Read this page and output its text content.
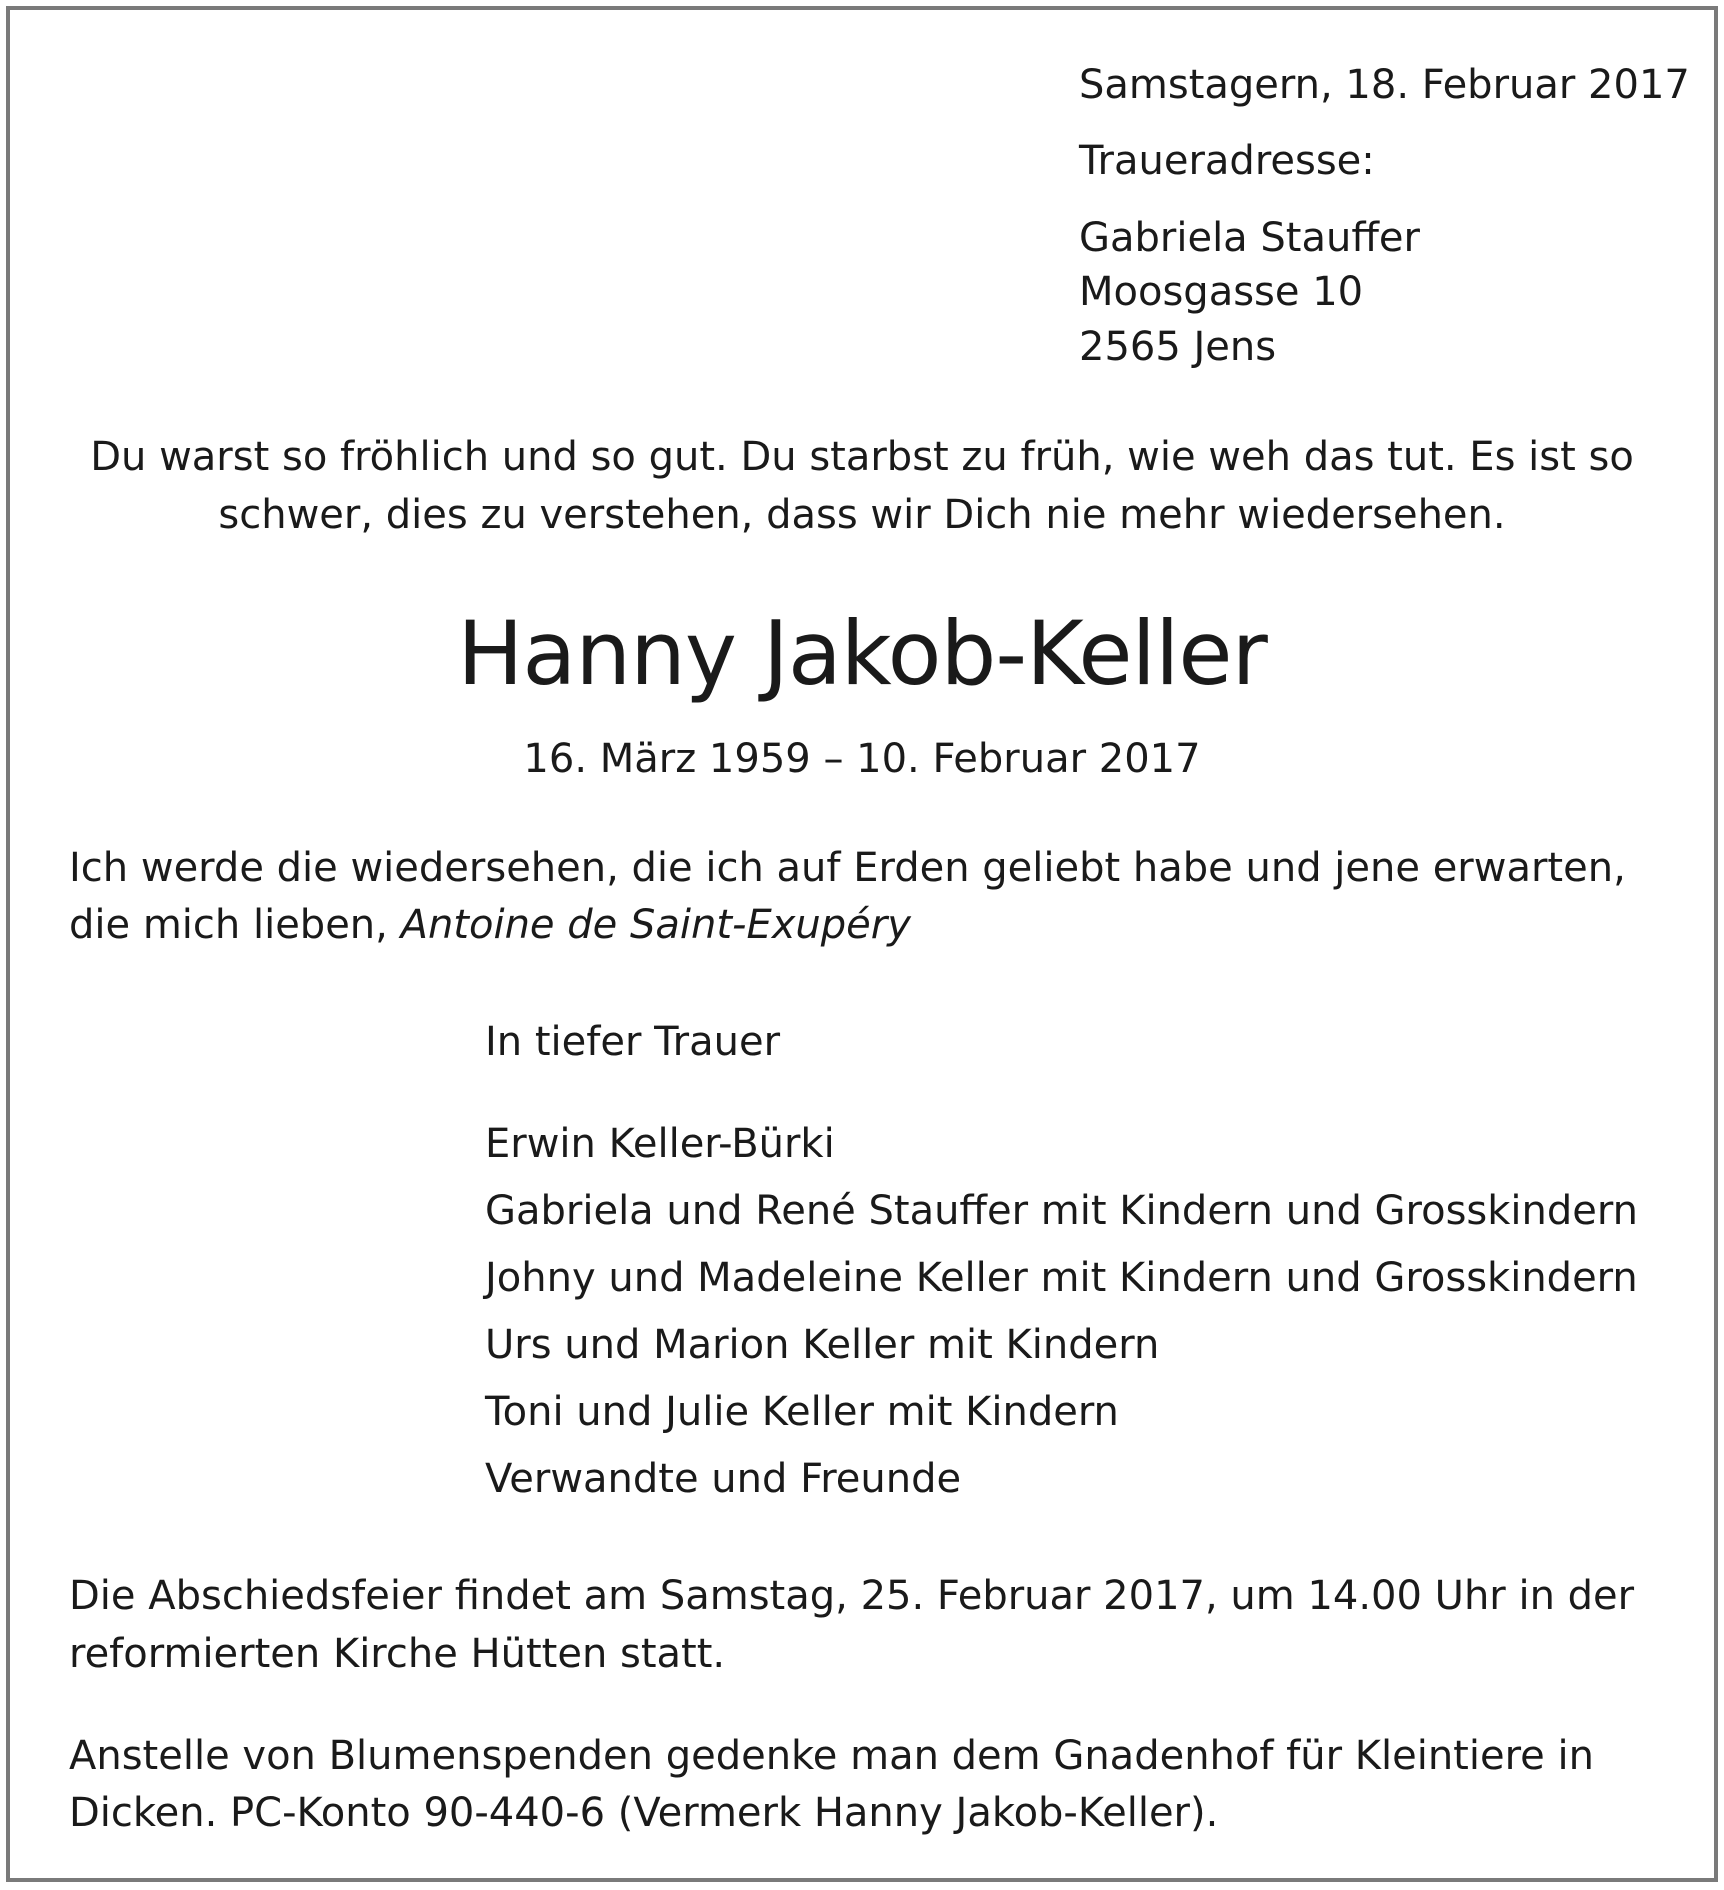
Samstagern, 18. Februar 2017
Traueradresse:
Gabriela Stauffer
Moosgasse 10
2565 Jens
Du warst so fröhlich und so gut. Du starbst zu früh, wie weh das tut. Es ist so
schwer, dies zu verstehen, dass wir Dich nie mehr wiedersehen.
Hanny Jakob-Keller
16. März 1959 – 10. Februar 2017
Ich werde die wiedersehen, die ich auf Erden geliebt habe und jene erwarten,
die mich lieben, Antoine de Saint-Exupéry
In tiefer Trauer
Erwin Keller-Bürki
Gabriela und René Stauffer mit Kindern und Grosskindern
Johny und Madeleine Keller mit Kindern und Grosskindern
Urs und Marion Keller mit Kindern
Toni und Julie Keller mit Kindern
Verwandte und Freunde
Die Abschiedsfeier findet am Samstag, 25. Februar 2017, um 14.00 Uhr in der
reformierten Kirche Hütten statt.
Anstelle von Blumenspenden gedenke man dem Gnadenhof für Kleintiere in
Dicken. PC-Konto 90-440-6 (Vermerk Hanny Jakob-Keller).
